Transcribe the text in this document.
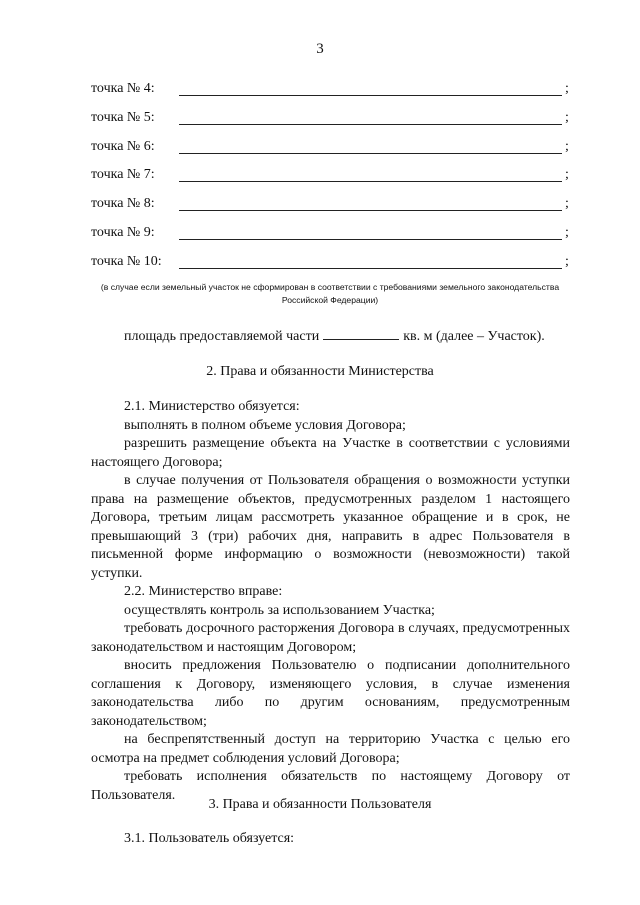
3
точка № 4:	;
точка № 5:	;
точка № 6:	;
точка № 7:	;
точка № 8:	;
точка № 9:	;
точка № 10:	;
(в случае если земельный участок не сформирован в соответствии с требованиями земельного законодательства Российской Федерации)
площадь предоставляемой части	кв. м (далее – Участок).
2. Права и обязанности Министерства

2.1. Министерство обязуется:

выполнять в полном объеме условия Договора;

разрешить размещение объекта на Участке в соответствии с условиями настоящего Договора;

в случае получения от Пользователя обращения о возможности уступки права на размещение объектов, предусмотренных разделом 1 настоящего Договора, третьим лицам рассмотреть указанное обращение и в срок, не превышающий 3 (три) рабочих дня, направить в адрес Пользователя в письменной форме информацию о возможности (невозможности) такой уступки.

2.2. Министерство вправе:

осуществлять контроль за использованием Участка;

требовать досрочного расторжения Договора в случаях, предусмотренных законодательством и настоящим Договором;

вносить предложения Пользователю о подписании дополнительного соглашения к Договору, изменяющего условия, в случае изменения законодательства либо по другим основаниям, предусмотренным законодательством;

на беспрепятственный доступ на территорию Участка с целью его осмотра на предмет соблюдения условий Договора;

требовать исполнения обязательств по настоящему Договору от Пользователя.

3. Права и обязанности Пользователя

3.1. Пользователь обязуется:
